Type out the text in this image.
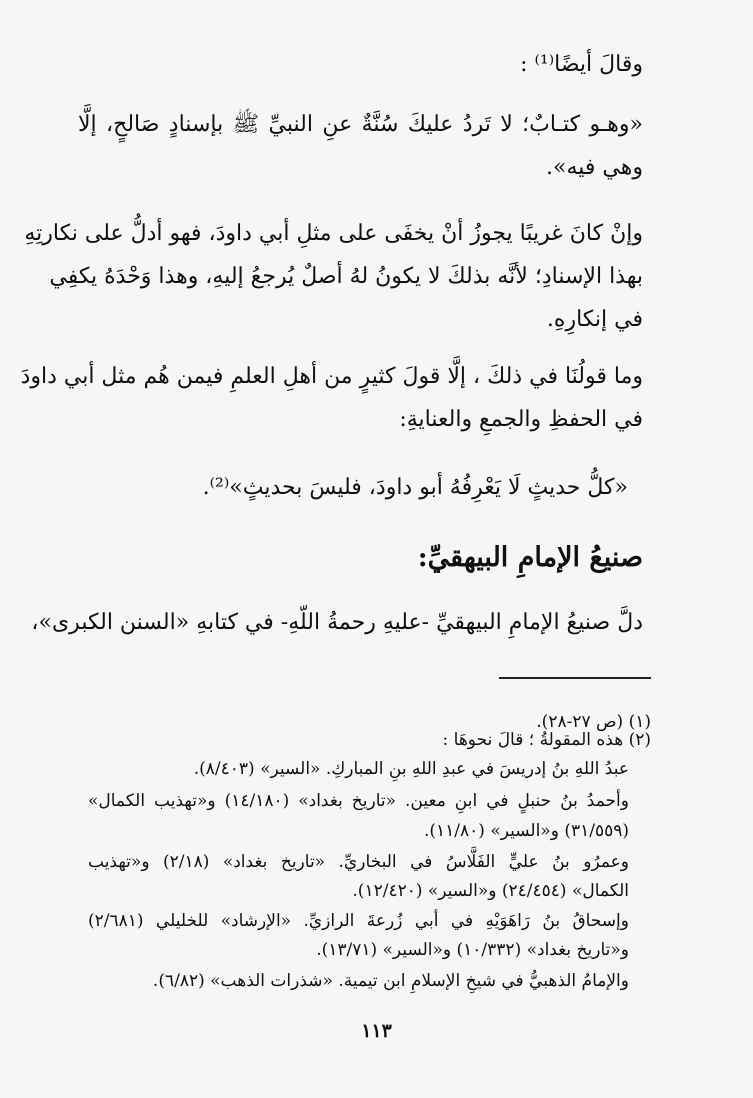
وقالَ أيضًا⁽¹⁾ :
«وهـو كتـابٌ؛ لا تَردُ عليكَ سُنَّةٌ عنِ النبيِّ ﷺ بإسنادٍ صَالحٍ، إلَّا
وهي فيه».
وإنْ كانَ غريبًا يجوزُ أنْ يخفَى على مثلِ أبي داودَ، فهو أدلُّ على نكارتِهِ
بهذا الإسنادِ؛ لأنَّه بذلكَ لا يكونُ لهُ أصلٌ يُرجعُ إليهِ، وهذا وَحْدَهُ يكفِي
في إنكارِهِ.
وما قولُنَا في ذلكَ ، إلَّا قولَ كثيرٍ من أهلِ العلمِ فيمن هُم مثل أبي داودَ
في الحفظِ والجمعِ والعنايةِ:
«كلُّ حديثٍ لَا يَعْرِفُهُ أبو داودَ، فليسَ بحديثٍ»⁽²⁾.
صنيعُ الإمامِ البيهقيِّ:
دلَّ صنيعُ الإمامِ البيهقيِّ -عليهِ رحمةُ اللّهِ- في كتابهِ «السنن الكبرى»،
(١) (ص ٢٧-٢٨).
(٢) هذه المقولةُ ؛ قالَ نحوهَا :
عبدُ اللهِ بنُ إدريسَ في عبدِ اللهِ بنِ المباركِ. «السير» (٨/٤٠٣).
وأحمدُ بنُ حنبلٍ في ابنِ معين. «تاريخ بغداد» (١٤/١٨٠) و«تهذيب الكمال»
(٣١/٥٥٩) و«السير» (١١/٨٠).
وعمرُو بنُ عليٍّ الفَلَّاسُ في البخاريِّ. «تاريخ بغداد» (٢/١٨) و«تهذيب
الكمال» (٢٤/٤٥٤) و«السير» (١٢/٤٢٠).
وإسحاقُ بنُ رَاهَوَيْهِ في أبي زُرعةَ الرازيِّ. «الإرشاد» للخليلي (٢/٦٨١)
و«تاريخ بغداد» (١٠/٣٣٢) و«السير» (١٣/٧١).
والإمامُ الذهبيُّ في شيخِ الإسلامِ ابن تيمية. «شذرات الذهب» (٦/٨٢).
١١٣
